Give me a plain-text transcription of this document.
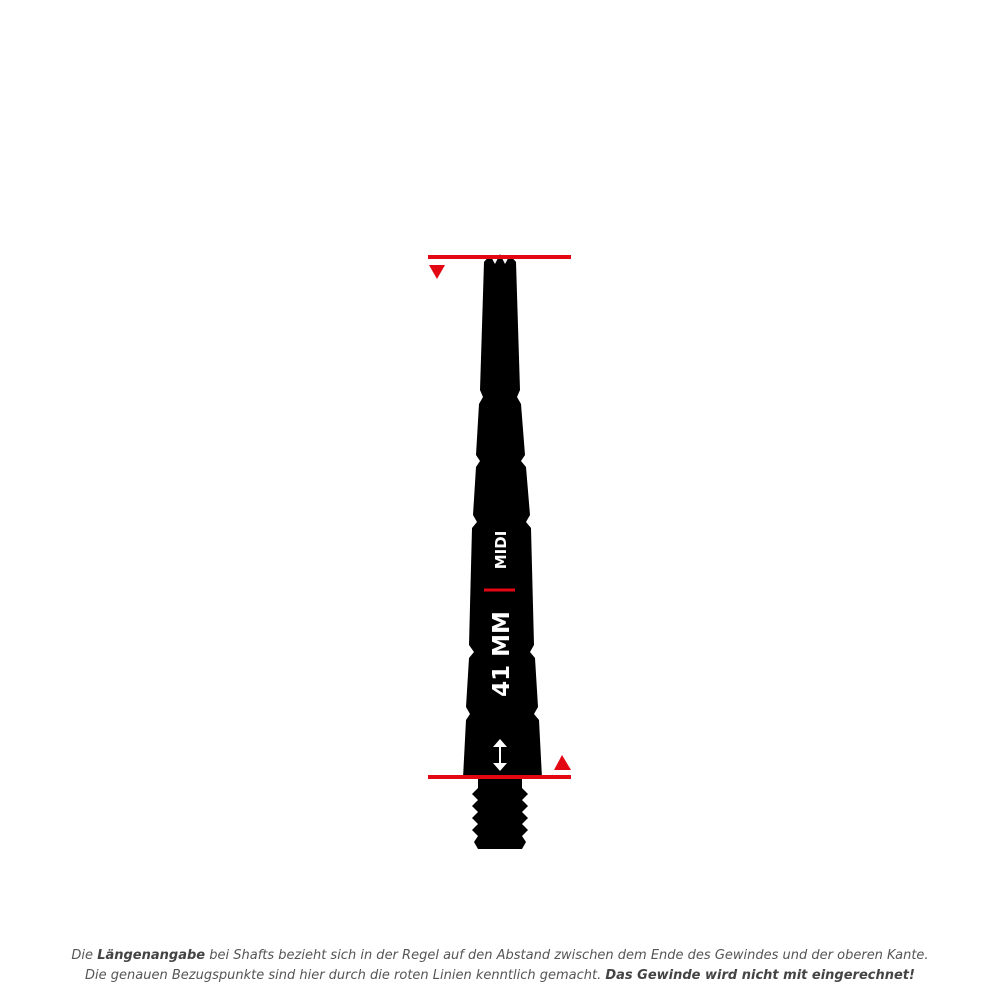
MIDI
41 MM
Die Längenangabe bei Shafts bezieht sich in der Regel auf den Abstand zwischen dem Ende des Gewindes und der oberen Kante.
Die genauen Bezugspunkte sind hier durch die roten Linien kenntlich gemacht. Das Gewinde wird nicht mit eingerechnet!
